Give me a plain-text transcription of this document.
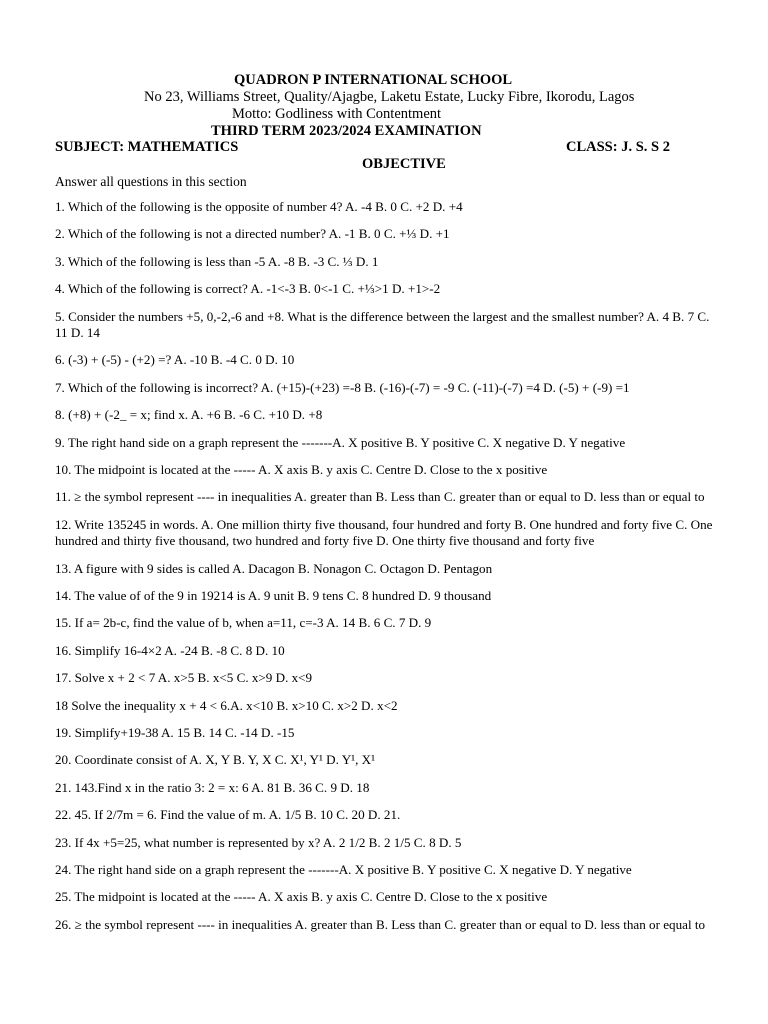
QUADRON P INTERNATIONAL SCHOOL
No 23, Williams Street, Quality/Ajagbe, Laketu Estate, Lucky Fibre, Ikorodu, Lagos
Motto: Godliness with Contentment
THIRD TERM 2023/2024 EXAMINATION
SUBJECT: MATHEMATICS	CLASS: J. S. S 2
OBJECTIVE
Answer all questions in this section

1. Which of the following is the opposite of number 4? A. -4 B. 0 C. +2 D. +4

2. Which of the following is not a directed number? A. -1 B. 0 C. +⅓ D. +1

3. Which of the following is less than -5 A. -8 B. -3 C. ⅓ D. 1

4. Which of the following is correct? A. -1<-3 B. 0<-1 C. +⅓>1 D. +1>-2

5. Consider the numbers +5, 0,-2,-6 and +8. What is the difference between the largest and the smallest number? A. 4 B. 7 C. 11 D. 14

6. (-3) + (-5) - (+2) =? A. -10 B. -4 C. 0 D. 10

7. Which of the following is incorrect? A. (+15)-(+23) =-8 B. (-16)-(-7) = -9 C. (-11)-(-7) =4 D. (-5) + (-9) =1

8. (+8) + (-2_ = x; find x. A. +6 B. -6 C. +10 D. +8

9. The right hand side on a graph represent the -------A. X positive B. Y positive C. X negative D. Y negative

10. The midpoint is located at the ----- A. X axis B. y axis C. Centre D. Close to the x positive

11. ≥ the symbol represent ---- in inequalities A. greater than B. Less than C. greater than or equal to D. less than or equal to

12. Write 135245 in words. A. One million thirty five thousand, four hundred and forty B. One hundred and forty five C. One hundred and thirty five thousand, two hundred and forty five D. One thirty five thousand and forty five

13. A figure with 9 sides is called A. Dacagon B. Nonagon C. Octagon D. Pentagon

14. The value of of the 9 in 19214 is A. 9 unit B. 9 tens C. 8 hundred D. 9 thousand

15. If a= 2b-c, find the value of b, when a=11, c=-3 A. 14 B. 6 C. 7 D. 9

16. Simplify 16-4×2 A. -24 B. -8 C. 8 D. 10

17. Solve x + 2 < 7 A. x>5 B. x<5 C. x>9 D. x<9

18 Solve the inequality x + 4 < 6.A. x<10 B. x>10 C. x>2 D. x<2

19. Simplify+19-38 A. 15 B. 14 C. -14 D. -15

20. Coordinate consist of A. X, Y B. Y, X C. X¹, Y¹ D. Y¹, X¹

21. 143.Find x in the ratio 3: 2 = x: 6 A. 81 B. 36 C. 9 D. 18

22. 45. If 2/7m = 6. Find the value of m. A. 1/5 B. 10 C. 20 D. 21.

23. If 4x +5=25, what number is represented by x? A. 2 1/2 B. 2 1/5 C. 8 D. 5

24. The right hand side on a graph represent the -------A. X positive B. Y positive C. X negative D. Y negative

25. The midpoint is located at the ----- A. X axis B. y axis C. Centre D. Close to the x positive

26. ≥ the symbol represent ---- in inequalities A. greater than B. Less than C. greater than or equal to D. less than or equal to
